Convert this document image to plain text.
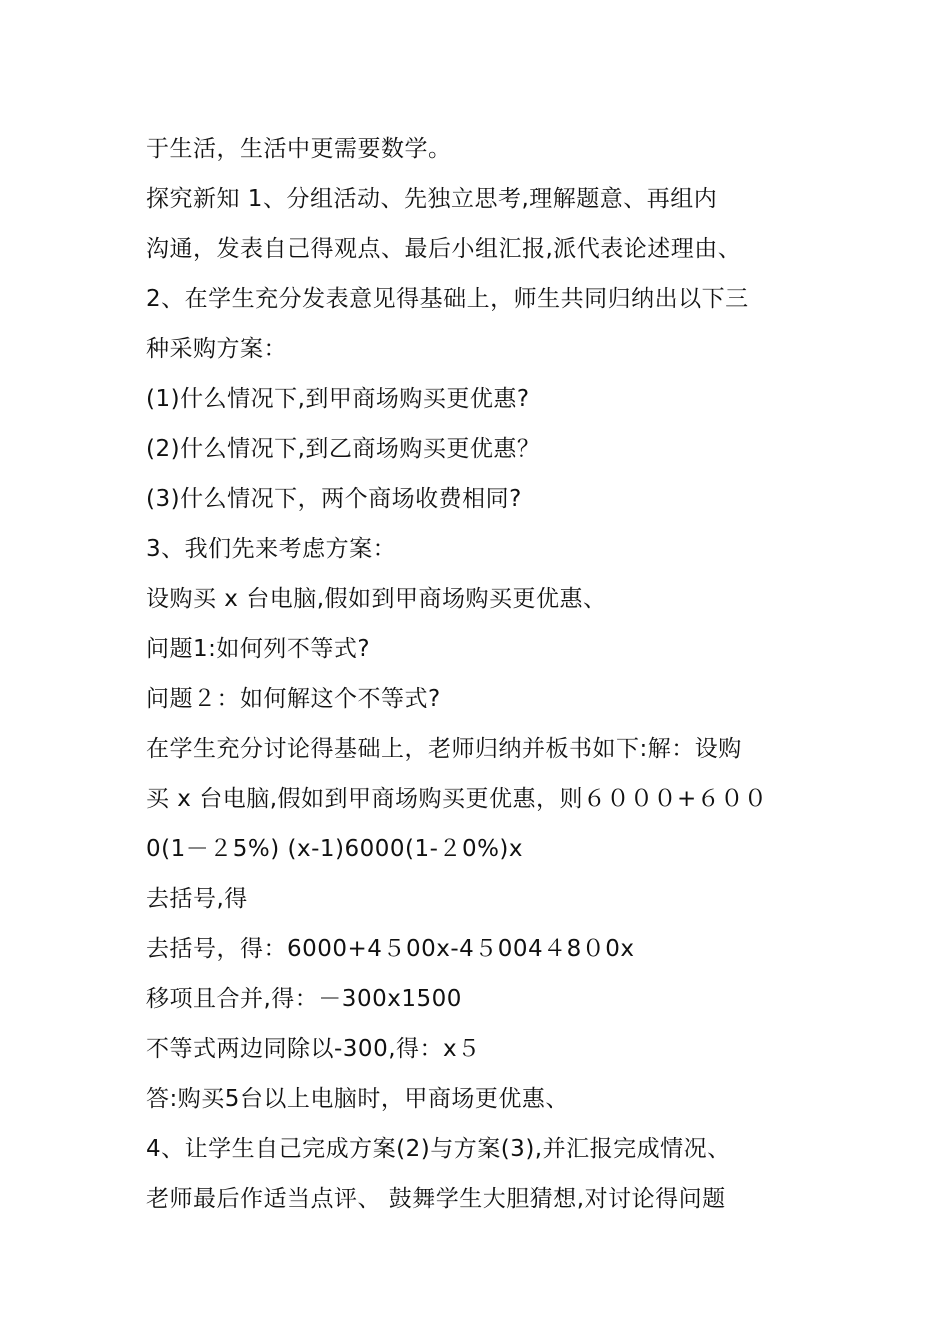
于生活，生活中更需要数学。
探究新知 1、分组活动、先独立思考,理解题意、再组内
沟通，发表自己得观点、最后小组汇报,派代表论述理由、
2、在学生充分发表意见得基础上，师生共同归纳出以下三
种采购方案：
(1)什么情况下,到甲商场购买更优惠?
(2)什么情况下,到乙商场购买更优惠？
(3)什么情况下，两个商场收费相同?
3、我们先来考虑方案：
设购买 x 台电脑,假如到甲商场购买更优惠、
问题1:如何列不等式?
问题２：如何解这个不等式?
在学生充分讨论得基础上，老师归纳并板书如下:解：设购
买 x 台电脑,假如到甲商场购买更优惠，则６０００+６００
0(1－２5%) (x-1)6000(1-２0%)x
去括号,得
去括号，得：6000+4５00x-4５004４8０0x
移项且合并,得：－300x1500
不等式两边同除以-300,得：x５
答:购买5台以上电脑时，甲商场更优惠、
4、让学生自己完成方案(2)与方案(3),并汇报完成情况、
老师最后作适当点评、 鼓舞学生大胆猜想,对讨论得问题
